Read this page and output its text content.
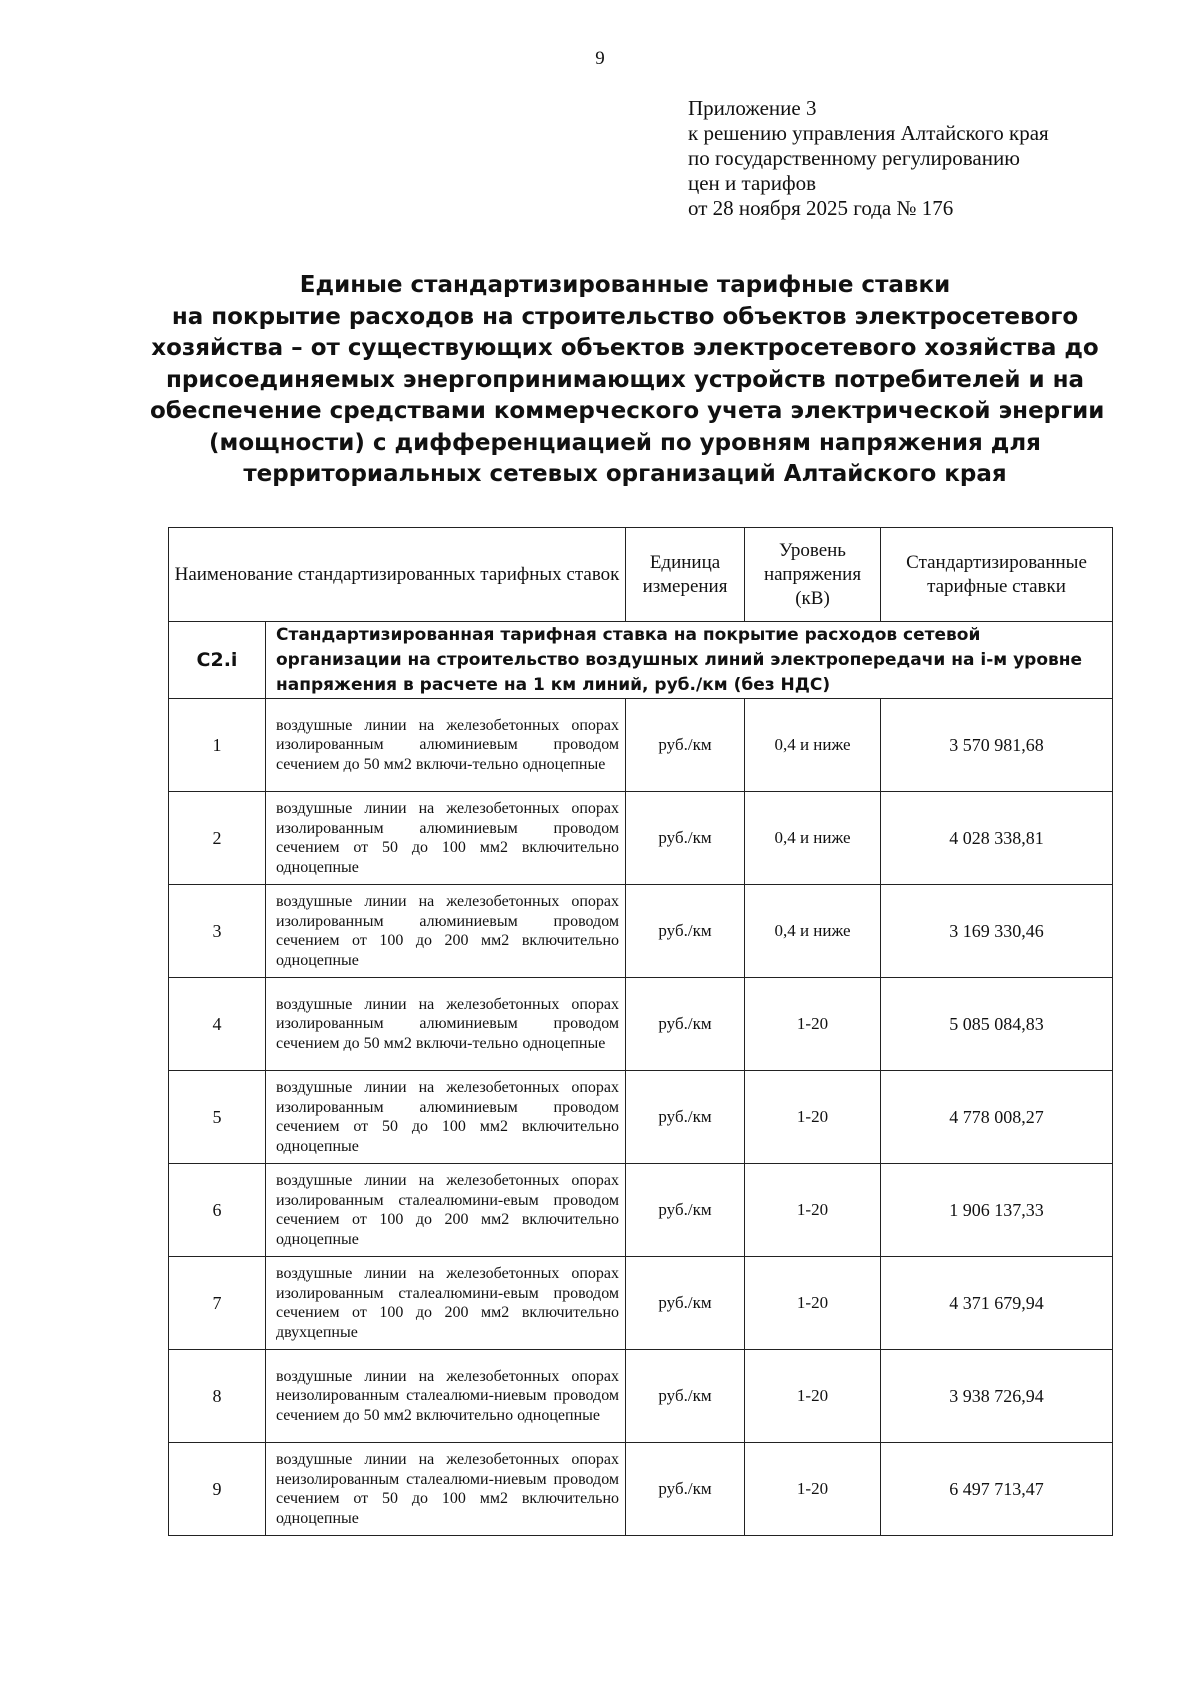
9
Приложение 3
к решению управления Алтайского края
по государственному регулированию
цен и тарифов
от 28 ноября 2025 года № 176
Единые стандартизированные тарифные ставки
на покрытие расходов на строительство объектов электросетевого
хозяйства – от существующих объектов электросетевого хозяйства до
присоединяемых энергопринимающих устройств потребителей и на
обеспечение средствами коммерческого учета электрической энергии
(мощности) с дифференциацией по уровням напряжения для
территориальных сетевых организаций Алтайского края
Наименование стандартизированных тарифных ставок		Единица измерения	Уровень напряжения (кВ)	Стандартизированные тарифные ставки
C2.i	Стандартизированная тарифная ставка на покрытие расходов сетевой
организации на строительство воздушных линий электропередачи на i-м уровне
напряжения в расчете на 1 км линий, руб./км (без НДС)			

1	воздушные линии на железобетонных опорах изолированным алюминиевым проводом сечением до 50 мм2 включи-тельно одноцепные	руб./км	0,4 и ниже	3 570 981,68
2	воздушные линии на железобетонных опорах изолированным алюминиевым проводом сечением от 50 до 100 мм2 включительно одноцепные	руб./км	0,4 и ниже	4 028 338,81
3	воздушные линии на железобетонных опорах изолированным алюминиевым проводом сечением от 100 до 200 мм2 включительно одноцепные	руб./км	0,4 и ниже	3 169 330,46
4	воздушные линии на железобетонных опорах изолированным алюминиевым проводом сечением до 50 мм2 включи-тельно одноцепные	руб./км	1-20	5 085 084,83
5	воздушные линии на железобетонных опорах изолированным алюминиевым проводом сечением от 50 до 100 мм2 включительно одноцепные	руб./км	1-20	4 778 008,27
6	воздушные линии на железобетонных опорах изолированным сталеалюмини-евым проводом сечением от 100 до 200 мм2 включительно одноцепные	руб./км	1-20	1 906 137,33
7	воздушные линии на железобетонных опорах изолированным сталеалюмини-евым проводом сечением от 100 до 200 мм2 включительно двухцепные	руб./км	1-20	4 371 679,94
8	воздушные линии на железобетонных опорах неизолированным сталеалюми-ниевым проводом сечением до 50 мм2 включительно одноцепные	руб./км	1-20	3 938 726,94
9	воздушные линии на железобетонных опорах неизолированным сталеалюми-ниевым проводом сечением от 50 до 100 мм2 включительно одноцепные	руб./км	1-20	6 497 713,47
